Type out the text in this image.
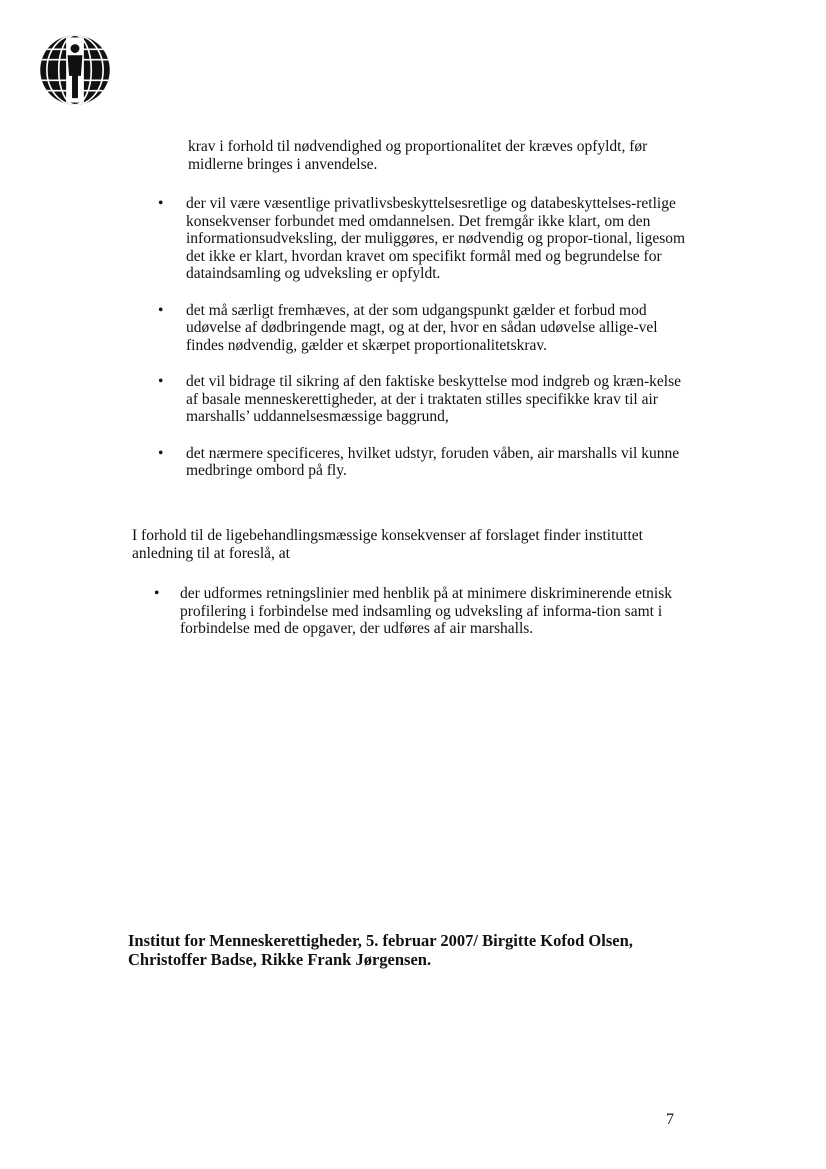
krav i forhold til nødvendighed og proportionalitet der kræves opfyldt, før midlerne bringes i anvendelse.

• der vil være væsentlige privatlivsbeskyttelsesretlige og databeskyttelses-retlige konsekvenser forbundet med omdannelsen. Det fremgår ikke klart, om den informationsudveksling, der muliggøres, er nødvendig og propor-tional, ligesom det ikke er klart, hvordan kravet om specifikt formål med og begrundelse for dataindsamling og udveksling er opfyldt.
• det må særligt fremhæves, at der som udgangspunkt gælder et forbud mod udøvelse af dødbringende magt, og at der, hvor en sådan udøvelse allige-vel findes nødvendig, gælder et skærpet proportionalitetskrav.
• det vil bidrage til sikring af den faktiske beskyttelse mod indgreb og kræn-kelse af basale menneskerettigheder, at der i traktaten stilles specifikke krav til air marshalls’ uddannelsesmæssige baggrund,
• det nærmere specificeres, hvilket udstyr, foruden våben, air marshalls vil kunne medbringe ombord på fly.

I forhold til de ligebehandlingsmæssige konsekvenser af forslaget finder instituttet anledning til at foreslå, at

• der udformes retningslinier med henblik på at minimere diskriminerende etnisk profilering i forbindelse med indsamling og udveksling af informa-tion samt i forbindelse med de opgaver, der udføres af air marshalls.

Institut for Menneskerettigheder, 5. februar 2007/ Birgitte Kofod Olsen, Christoffer Badse, Rikke Frank Jørgensen.

7
